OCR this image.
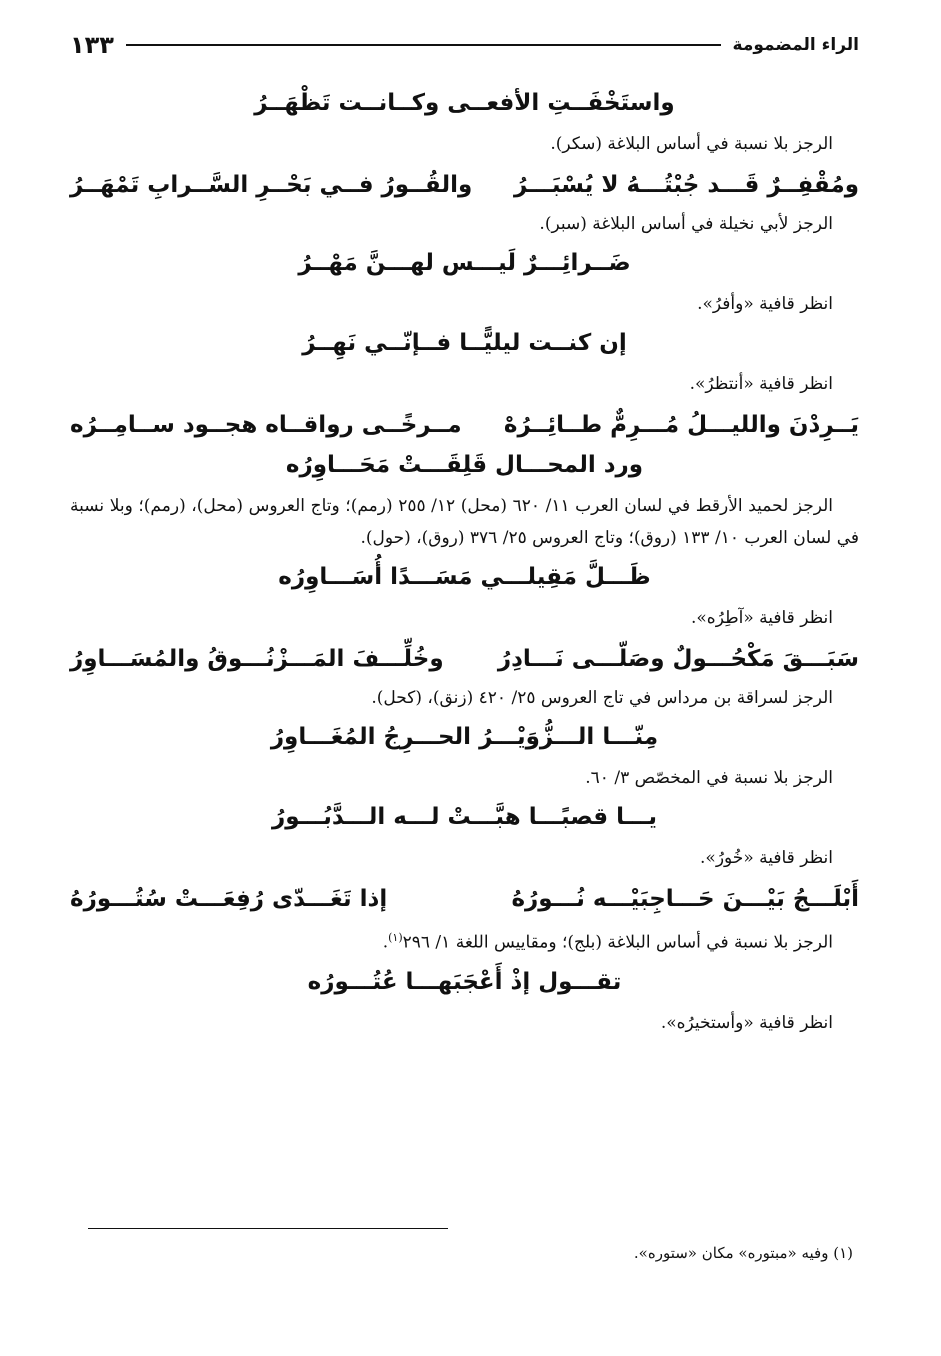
الراء المضمومة
١٣٣
واستَخْفَــتِ الأفعــى وكــانــت تَظْهَــرُ
الرجز بلا نسبة في أساس البلاغة (سكر).
ومُقْفِــرٌ قَـــد جُبْتُـــهُ لا يُسْبَـــرُ
والقُــورُ فــي بَحْــرِ السَّــرابِ تَمْهَــرُ
الرجز لأبي نخيلة في أساس البلاغة (سبر).
ضَــرائِـــرٌ لَيـــس لهـــنَّ مَهْــرُ
انظر قافية «وأفرُ».
إن كنــت ليليًّــا فــإنّــي نَهِــرُ
انظر قافية «أنتظرُ».
يَــرِدْنَ والليـــلُ مُـــرِمٌّ طــائِــرُهْ
مــرخًــى رواقــاه هجــود ســامِــرُه
ورد المحـــال قَلِقَـــتْ مَحَـــاوِرُه
الرجز لحميد الأرقط في لسان العرب ١١/ ٦٢٠ (محل) ١٢/ ٢٥٥ (رمم)؛ وتاج العروس (محل)، (رمم)؛ وبلا نسبة في لسان العرب ١٠/ ١٣٣ (روق)؛ وتاج العروس ٢٥/ ٣٧٦ (روق)، (حول).
ظَـــلَّ مَقِيلـــي مَسَـــدًا أُسَـــاوِرُه
انظر قافية «آطِرُه».
سَبَـــقَ مَكْحُـــولٌ وصَلّـــى نَـــادِرُ
وخُلِّـــفَ المَـــزْنُـــوقُ والمُسَـــاوِرُ
الرجز لسراقة بن مرداس في تاج العروس ٢٥/ ٤٢٠ (زنق)، (كحل).
مِنّـــا الـــزُّوَيْـــرُ الحـــرِجُ المُغَـــاوِرُ
الرجز بلا نسبة في المخصّص ٣/ ٦٠.
يـــا قصبًـــا هبَّـــتْ لـــه الـــدَّبُـــورُ
انظر قافية «خُورُ».
أَبْلَـــجُ بَيْـــنَ حَـــاجِبَيْـــه نُـــورُهُ
إذا تَغَـــدّى رُفِعَـــتْ سُتُـــورُهُ
الرجز بلا نسبة في أساس البلاغة (بلج)؛ ومقاييس اللغة ١/ ٢٩٦$^{(١)}$.
تقـــول إذْ أَعْجَبَهـــا عُتُـــورُه
انظر قافية «وأستخيرُه».
(١) وفيه «مبتوره» مكان «ستوره».
